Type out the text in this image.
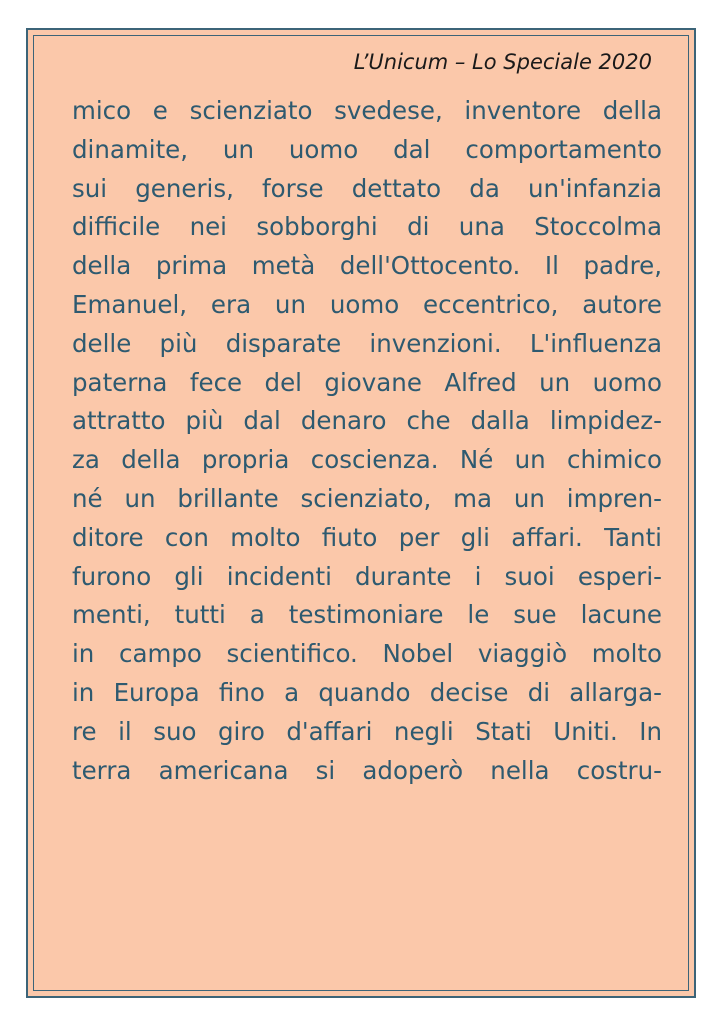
L’Unicum – Lo Speciale 2020
mico e scienziato svedese, inventore della
dinamite, un uomo dal comportamento
sui generis, forse dettato da un'infanzia
difficile nei sobborghi di una Stoccolma
della prima metà dell'Ottocento. Il padre,
Emanuel, era un uomo eccentrico, autore
delle più disparate invenzioni. L'influenza
paterna fece del giovane Alfred un uomo
attratto più dal denaro che dalla limpidez-
za della propria coscienza. Né un chimico
né un brillante scienziato, ma un impren-
ditore con molto fiuto per gli affari. Tanti
furono gli incidenti durante i suoi esperi-
menti, tutti a testimoniare le sue lacune
in campo scientifico. Nobel viaggiò molto
in Europa fino a quando decise di allarga-
re il suo giro d'affari negli Stati Uniti. In
terra americana si adoperò nella costru-
